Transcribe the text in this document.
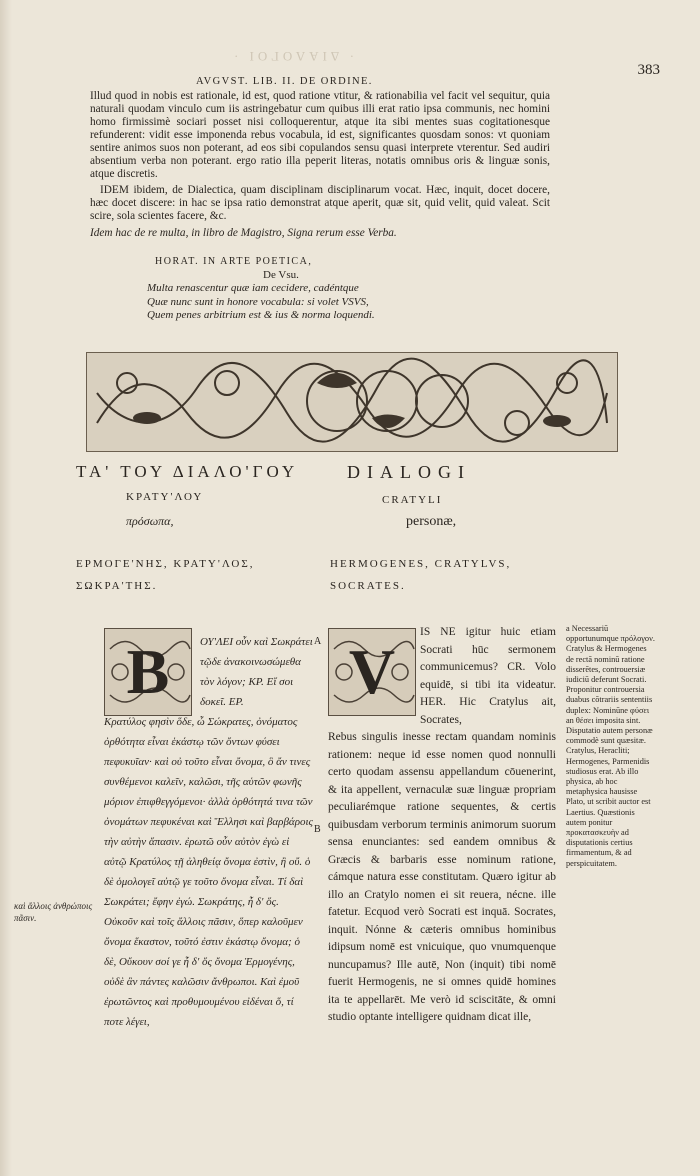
· ΔΙΑΛΟΓΟΙ ·
383
AVGVST. LIB. II. DE ORDINE.

Illud quod in nobis est rationale, id est, quod ratione vtitur, & rationabilia vel facit vel sequitur, quia naturali quodam vinculo cum iis astringebatur cum quibus illi erat ratio ipsa communis, nec homini homo firmissimè sociari posset nisi colloquerentur, atque ita sibi mentes suas cogitationesque refunderent: vidit esse imponenda rebus vocabula, id est, significantes quosdam sonos: vt quoniam sentire animos suos non poterant, ad eos sibi copulandos sensu quasi interprete vterentur. Sed audiri absentium verba non poterant. ergo ratio illa peperit literas, notatis omnibus oris & linguæ sonis, atque discretis.

IDEM ibidem, de Dialectica, quam disciplinam disciplinarum vocat. Hæc, inquit, docet docere, hæc docet discere: in hac se ipsa ratio demonstrat atque aperit, quæ sit, quid velit, quid valeat. Scit scire, sola scientes facere, &c.

Idem hac de re multa, in libro de Magistro, Signa rerum esse Verba.

HORAT. IN ARTE POETICA,
De Vsu.
Multa renascentur quæ iam cecidere, cadéntque
Quæ nunc sunt in honore vocabula: si volet VSVS,
Quem penes arbitrium est & ius & norma loquendi.
ΤΑ' ΤΟΥ ΔΙΑΛΟ'ΓΟΥ	DIALOGI
ΚΡΑΤΥ'ΛΟΥ
πρόσωπα,
CRATYLI
personæ,
ΕΡΜΟΓΕ'ΝΗΣ, ΚΡΑΤΥ'ΛΟΣ, ΣΩΚΡΑ'ΤΗΣ.
HERMOGENES, CRATYLVS, SOCRATES.
ΟΥ'ΛΕΙ οὖν καὶ Σωκράτει τῷδε ἀνακοινωσώμεθα τὸν λόγον; ΚΡ. Εἴ σοι δοκεῖ. ΕΡ.
Κρατύλος φησὶν ὅδε, ὦ Σώκρατες, ὀνόματος ὀρθότητα εἶναι ἑκάστῳ τῶν ὄντων φύσει πεφυκυῖαν· καὶ οὐ τοῦτο εἶναι ὄνομα, ὃ ἄν τινες συνθέμενοι καλεῖν, καλῶσι, τῆς αὑτῶν φωνῆς μόριον ἐπιφθεγγόμενοι· ἀλλὰ ὀρθότητά τινα τῶν ὀνομάτων πεφυκέναι καὶ Ἕλλησι καὶ βαρβάροις τὴν αὐτὴν ἅπασιν. ἐρωτῶ οὖν αὐτὸν ἐγὼ εἰ αὐτῷ Κρατύλος τῇ ἀληθείᾳ ὄνομα ἐστὶν, ἢ οὔ. ὁ δὲ ὁμολογεῖ αὐτῷ γε τοῦτο ὄνομα εἶναι. Τί δαὶ Σωκράτει; ἔφην ἐγώ. Σωκράτης, ἦ δ' ὅς. Οὐκοῦν καὶ τοῖς ἄλλοις πᾶσιν, ὅπερ καλοῦμεν ὄνομα ἕκαστον, τοῦτό ἐστιν ἑκάστῳ ὄνομα; ὁ δὲ, Οὔκουν σοί γε ἦ δ' ὅς ὄνομα Ἑρμογένης, οὐδὲ ἂν πάντες καλῶσιν ἄνθρωποι. Καὶ ἐμοῦ ἐρωτῶντος καὶ προθυμουμένου εἰδέναι ὅ, τί ποτε λέγει,
B
IS NE igitur huic etiam Socrati hūc sermonem communicemus? CR. Volo equidē, si tibi ita videatur. HER. Hic Cratylus ait, Socrates,
Rebus singulis inesse rectam quandam nominis rationem: neque id esse nomen quod nonnulli certo quodam assensu appellandum cōuenerint, & ita appellent, vernaculæ suæ linguæ propriam peculiarémque ratione sequentes, & certis quibusdam verborum terminis animorum suorum sensa enunciantes: sed eandem omnibus & Græcis & barbaris esse nominum ratione, cámque natura esse constitutam. Quæro igitur ab illo an Cratylo nomen ei sit reuera, nécne. ille fatetur. Ecquod verò Socrati est inquā. Socrates, inquit. Nónne & cæteris omnibus hominibus idipsum nomē est vnicuique, quo vnumquenque nuncupamus? Ille autē, Non (inquit) tibi nomē fuerit Hermogenis, ne si omnes quidē homines ita te appellarēt. Me verò id sciscitāte, & omni studio optante intelligere quidnam dicat ille,
V
A
B
a Necessariū opportunumque πρόλογον. Cratylus & Hermogenes de rectā nominū ratione disserētes, controuersiæ iudiciū deferunt Socrati. Proponitur controuersia duabus cōtrariis sententiis duplex: Nominūne φύσει an θέσει imposita sint. Disputatio autem personæ commodè sunt quæsitæ. Cratylus, Heracliti; Hermogenes, Parmenidis studiosus erat. Ab illo physica, ab hoc metaphysica hausisse Plato, ut scribit auctor est Laertius. Quæstionis autem ponitur προκατασκευὴν ad disputationis certius firmamentum, & ad perspicuitatem.
καὶ ἄλλοις ἀνθρώποις πᾶσιν.
